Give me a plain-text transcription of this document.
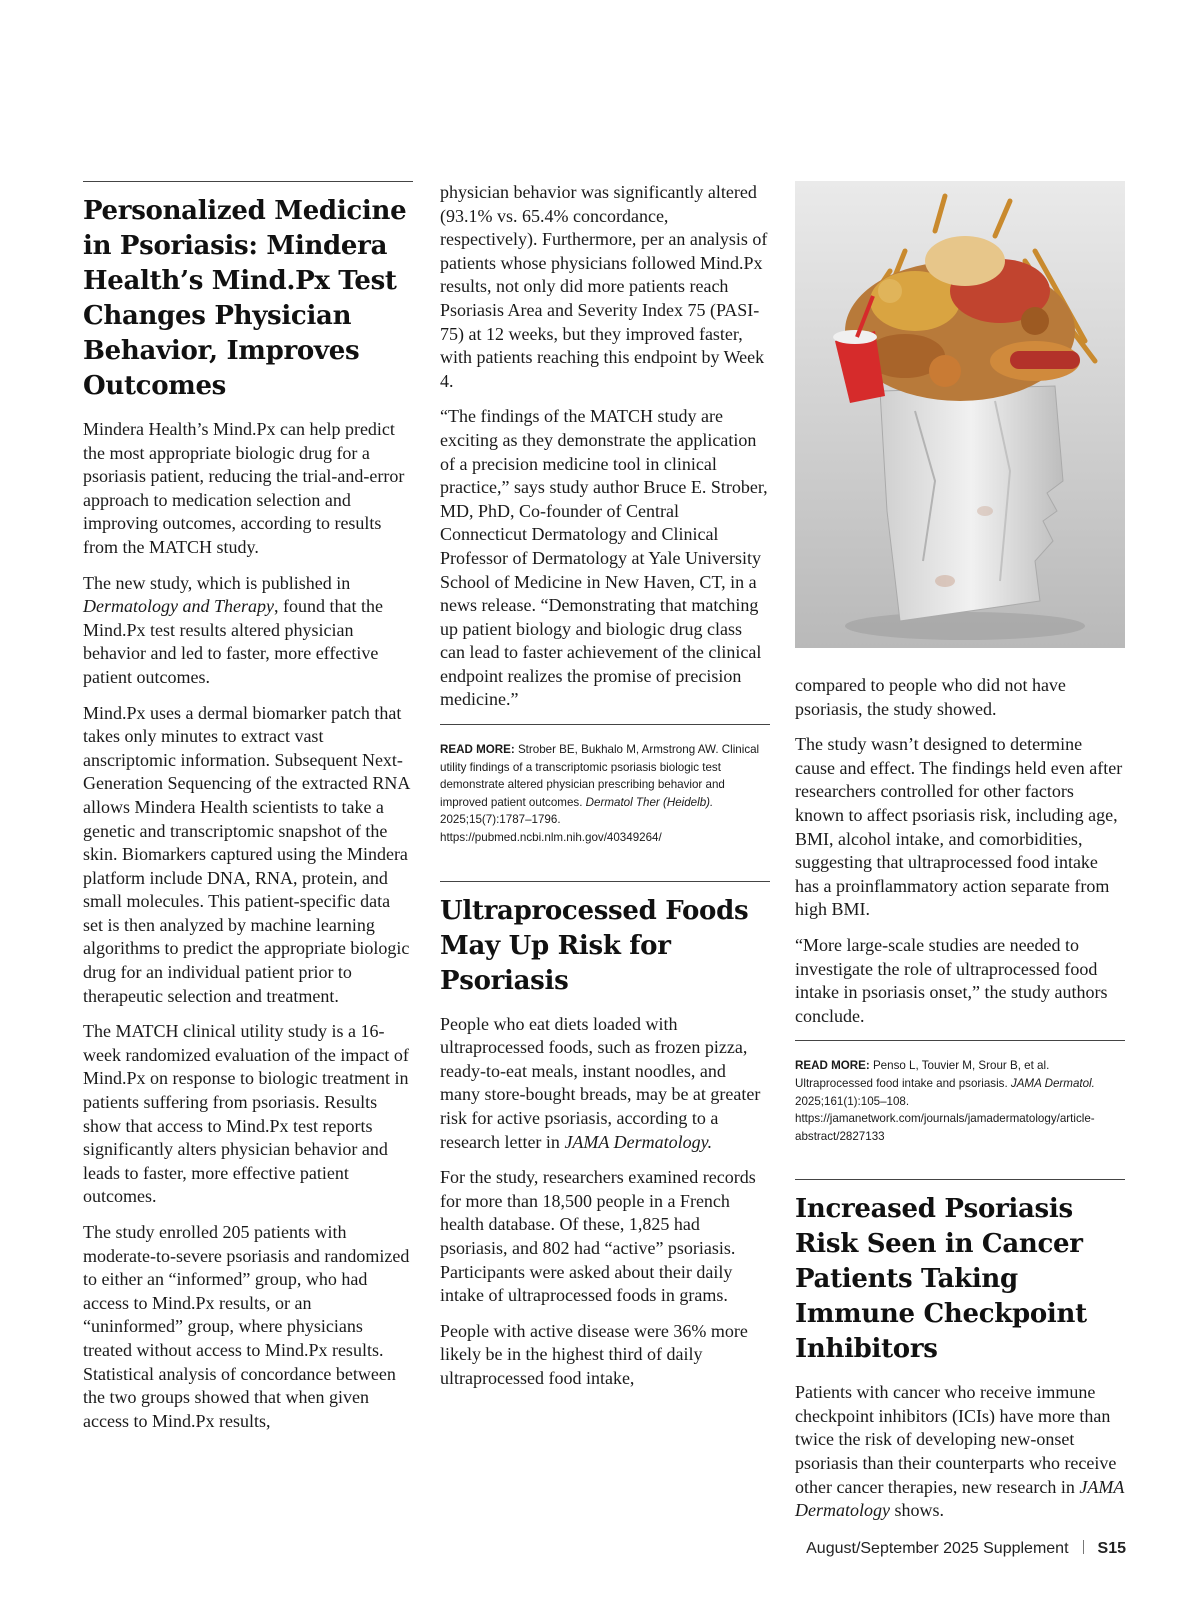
Personalized Medicine in Psoriasis: Mindera Health’s Mind.Px Test Changes Physician Behavior, Improves Outcomes

Mindera Health’s Mind.Px can help predict the most appropriate biologic drug for a psoriasis patient, reducing the trial-and-error approach to medication selection and improving outcomes, according to results from the MATCH study.

The new study, which is published in Dermatology and Therapy, found that the Mind.Px test results altered physician behavior and led to faster, more effective patient outcomes.

Mind.Px uses a dermal biomarker patch that takes only minutes to extract vast anscriptomic information. Subsequent Next-Generation Sequencing of the extracted RNA allows Mindera Health scientists to take a genetic and transcriptomic snapshot of the skin. Biomarkers captured using the Mindera platform include DNA, RNA, protein, and small molecules. This patient-specific data set is then analyzed by machine learning algorithms to predict the appropriate biologic drug for an individual patient prior to therapeutic selection and treatment.

The MATCH clinical utility study is a 16-week randomized evaluation of the impact of Mind.Px on response to biologic treatment in patients suffering from psoriasis. Results show that access to Mind.Px test reports significantly alters physician behavior and leads to faster, more effective patient outcomes.

The study enrolled 205 patients with moderate-to-severe psoriasis and randomized to either an “informed” group, who had access to Mind.Px results, or an “uninformed” group, where physicians treated without access to Mind.Px results. Statistical analysis of concordance between the two groups showed that when given access to Mind.Px results,

physician behavior was significantly altered (93.1% vs. 65.4% concordance, respectively). Furthermore, per an analysis of patients whose physicians followed Mind.Px results, not only did more patients reach Psoriasis Area and Severity Index 75 (PASI-75) at 12 weeks, but they improved faster, with patients reaching this endpoint by Week 4.

“The findings of the MATCH study are exciting as they demonstrate the application of a precision medicine tool in clinical practice,” says study author Bruce E. Strober, MD, PhD, Co-founder of Central Connecticut Dermatology and Clinical Professor of Dermatology at Yale University School of Medicine in New Haven, CT, in a news release. “Demonstrating that matching up patient biology and biologic drug class can lead to faster achievement of the clinical endpoint realizes the promise of precision medicine.”

READ MORE: Strober BE, Bukhalo M, Armstrong AW. Clinical utility findings of a transcriptomic psoriasis biologic test demonstrate altered physician prescribing behavior and improved patient outcomes. Dermatol Ther (Heidelb). 2025;15(7):1787–1796. https://pubmed.ncbi.nlm.nih.gov/40349264/

Ultraprocessed Foods May Up Risk for Psoriasis

People who eat diets loaded with ultraprocessed foods, such as frozen pizza, ready-to-eat meals, instant noodles, and many store-bought breads, may be at greater risk for active psoriasis, according to a research letter in JAMA Dermatology.

For the study, researchers examined records for more than 18,500 people in a French health database. Of these, 1,825 had psoriasis, and 802 had “active” psoriasis. Participants were asked about their daily intake of ultraprocessed foods in grams.

People with active disease were 36% more likely be in the highest third of daily ultraprocessed food intake,

compared to people who did not have psoriasis, the study showed.

The study wasn’t designed to determine cause and effect. The findings held even after researchers controlled for other factors known to affect psoriasis risk, including age, BMI, alcohol intake, and comorbidities, suggesting that ultraprocessed food intake has a proinflammatory action separate from high BMI.

“More large-scale studies are needed to investigate the role of ultraprocessed food intake in psoriasis onset,” the study authors conclude.

READ MORE: Penso L, Touvier M, Srour B, et al. Ultraprocessed food intake and psoriasis. JAMA Dermatol. 2025;161(1):105–108. https://jamanetwork.com/journals/jamadermatology/article-abstract/2827133

Increased Psoriasis Risk Seen in Cancer Patients Taking Immune Checkpoint Inhibitors

Patients with cancer who receive immune checkpoint inhibitors (ICIs) have more than twice the risk of developing new-onset psoriasis than their counterparts who receive other cancer therapies, new research in JAMA Dermatology shows.

August/September 2025 Supplement S15
